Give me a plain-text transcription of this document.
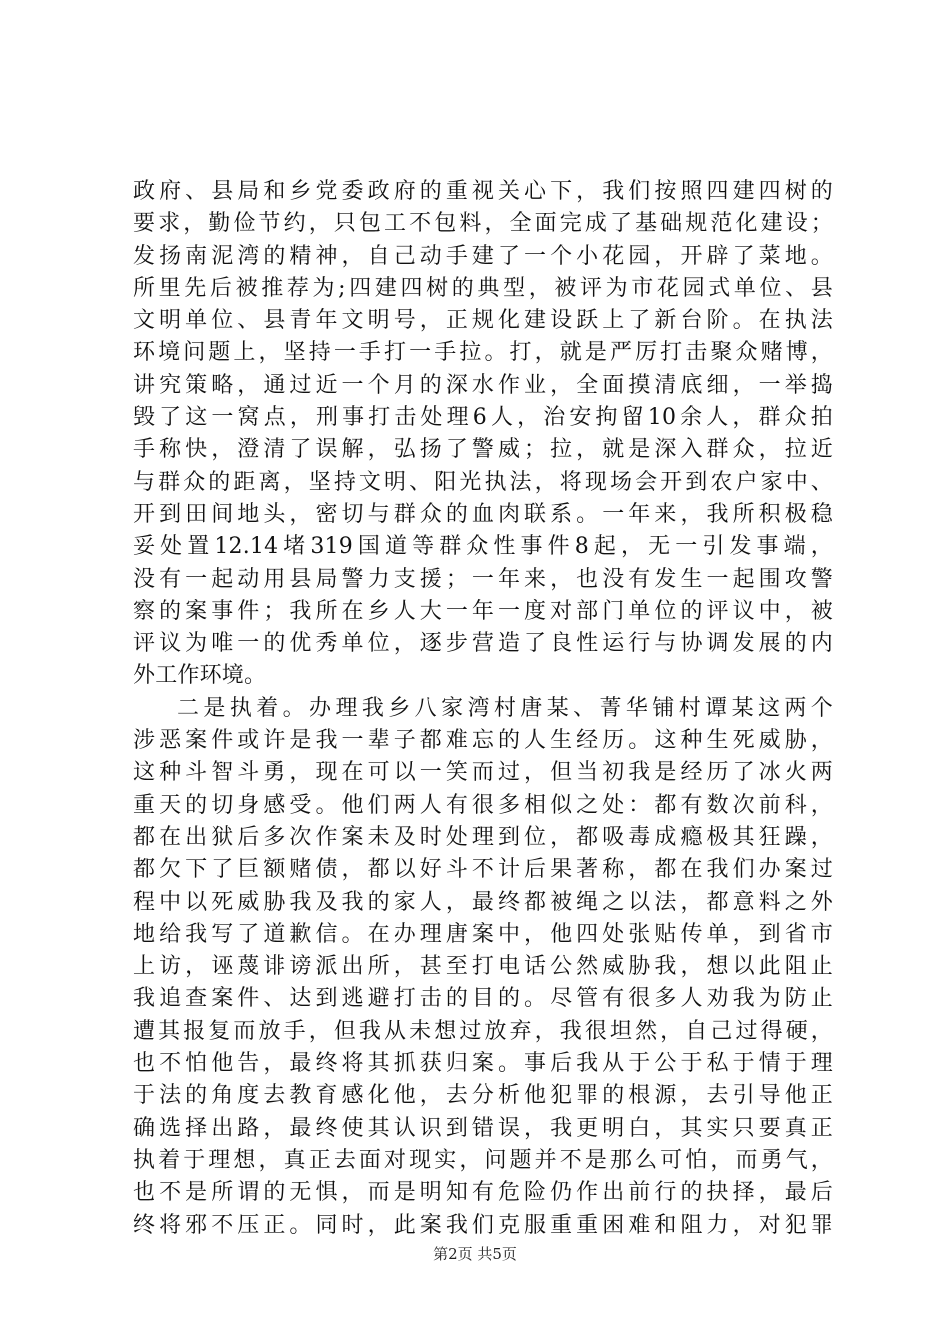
政府、县局和乡党委政府的重视关心下，我们按照四建四树的
要求，勤俭节约，只包工不包料，全面完成了基础规范化建设；
发扬南泥湾的精神，自己动手建了一个小花园，开辟了菜地。
所里先后被推荐为;四建四树的典型，被评为市花园式单位、县
文明单位、县青年文明号，正规化建设跃上了新台阶。在执法
环境问题上，坚持一手打一手拉。打，就是严厉打击聚众赌博，
讲究策略，通过近一个月的深水作业，全面摸清底细，一举捣
毁了这一窝点，刑事打击处理6人，治安拘留10余人，群众拍
手称快，澄清了误解，弘扬了警威；拉，就是深入群众，拉近
与群众的距离，坚持文明、阳光执法，将现场会开到农户家中、
开到田间地头，密切与群众的血肉联系。一年来，我所积极稳
妥处置12.14堵319国道等群众性事件8起，无一引发事端，
没有一起动用县局警力支援；一年来，也没有发生一起围攻警
察的案事件；我所在乡人大一年一度对部门单位的评议中，被
评议为唯一的优秀单位，逐步营造了良性运行与协调发展的内
外工作环境。
二是执着。办理我乡八家湾村唐某、菁华铺村谭某这两个
涉恶案件或许是我一辈子都难忘的人生经历。这种生死威胁，
这种斗智斗勇，现在可以一笑而过，但当初我是经历了冰火两
重天的切身感受。他们两人有很多相似之处：都有数次前科，
都在出狱后多次作案未及时处理到位，都吸毒成瘾极其狂躁，
都欠下了巨额赌债，都以好斗不计后果著称，都在我们办案过
程中以死威胁我及我的家人，最终都被绳之以法，都意料之外
地给我写了道歉信。在办理唐案中，他四处张贴传单，到省市
上访，诬蔑诽谤派出所，甚至打电话公然威胁我，想以此阻止
我追查案件、达到逃避打击的目的。尽管有很多人劝我为防止
遭其报复而放手，但我从未想过放弃，我很坦然，自己过得硬，
也不怕他告，最终将其抓获归案。事后我从于公于私于情于理
于法的角度去教育感化他，去分析他犯罪的根源，去引导他正
确选择出路，最终使其认识到错误，我更明白，其实只要真正
执着于理想，真正去面对现实，问题并不是那么可怕，而勇气，
也不是所谓的无惧，而是明知有危险仍作出前行的抉择，最后
终将邪不压正。同时，此案我们克服重重困难和阻力，对犯罪
第2页 共5页
